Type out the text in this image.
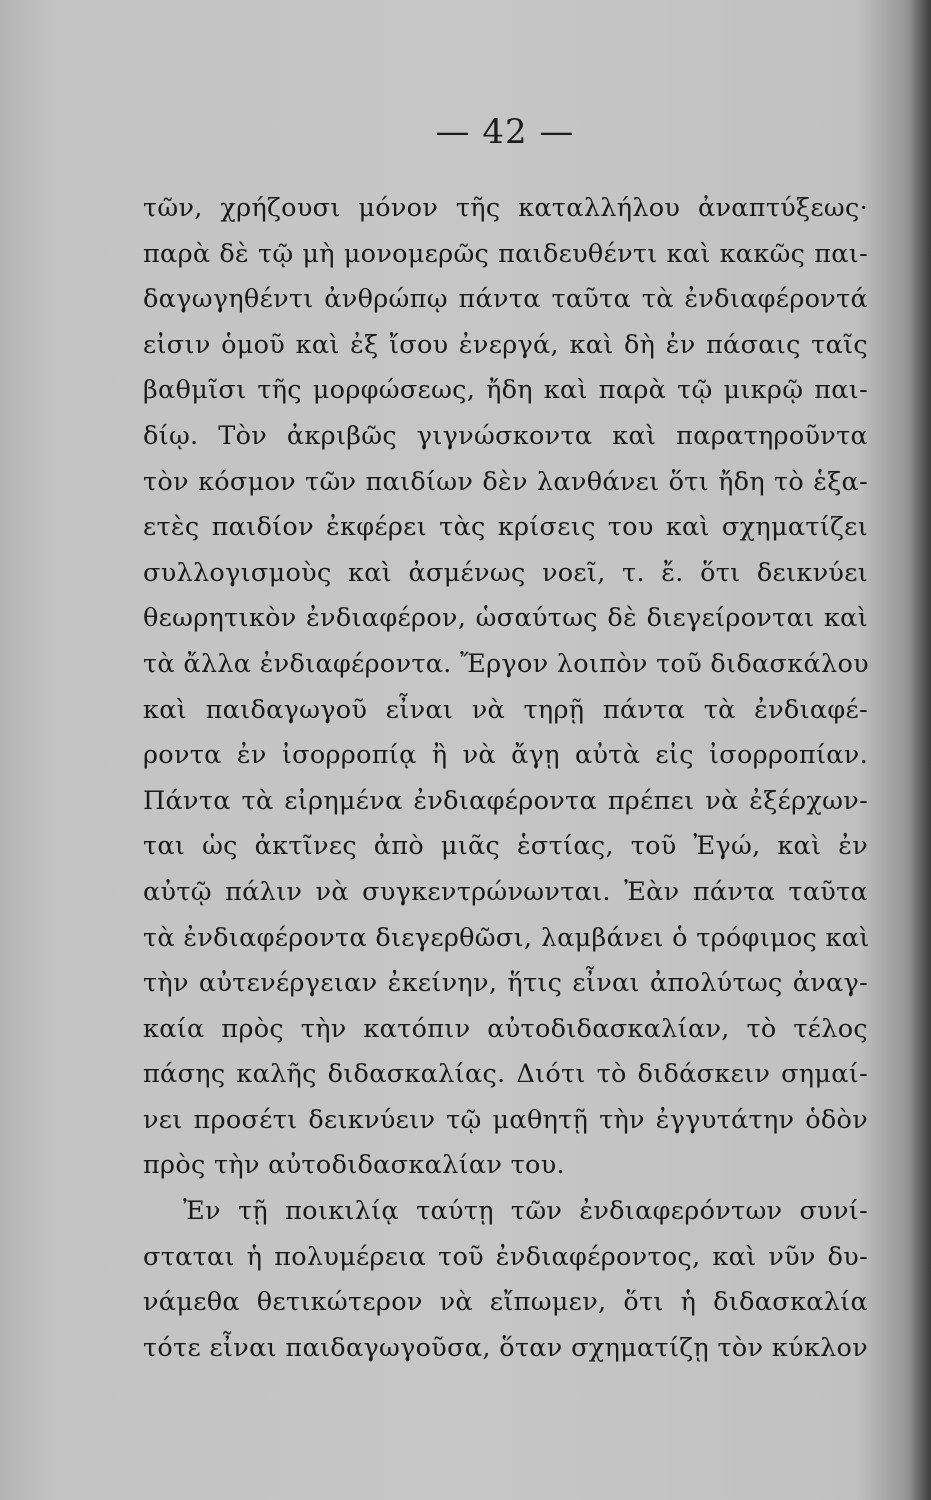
— 42 —
τῶν, χρήζουσι μόνον τῆς καταλλήλου ἀναπτύξεως·
παρὰ δὲ τῷ μὴ μονομερῶς παιδευθέντι καὶ κακῶς παι-
δαγωγηθέντι ἀνθρώπῳ πάντα ταῦτα τὰ ἐνδιαφέροντά
εἰσιν ὁμοῦ καὶ ἐξ ἴσου ἐνεργά, καὶ δὴ ἐν πάσαις ταῖς
βαθμῖσι τῆς μορφώσεως, ἤδη καὶ παρὰ τῷ μικρῷ παι-
δίῳ. Τὸν ἀκριβῶς γιγνώσκοντα καὶ παρατηροῦντα
τὸν κόσμον τῶν παιδίων δὲν λανθάνει ὅτι ἤδη τὸ ἑξα-
ετὲς παιδίον ἐκφέρει τὰς κρίσεις του καὶ σχηματίζει
συλλογισμοὺς καὶ ἀσμένως νοεῖ, τ. ἔ. ὅτι δεικνύει
θεωρητικὸν ἐνδιαφέρον, ὡσαύτως δὲ διεγείρονται καὶ
τὰ ἄλλα ἐνδιαφέροντα. Ἔργον λοιπὸν τοῦ διδασκάλου
καὶ παιδαγωγοῦ εἶναι νὰ τηρῇ πάντα τὰ ἐνδιαφέ-
ροντα ἐν ἰσορροπίᾳ ἢ νὰ ἄγῃ αὐτὰ εἰς ἰσορροπίαν.
Πάντα τὰ εἰρημένα ἐνδιαφέροντα πρέπει νὰ ἐξέρχων-
ται ὡς ἀκτῖνες ἀπὸ μιᾶς ἑστίας, τοῦ Ἐγώ, καὶ ἐν
αὐτῷ πάλιν νὰ συγκεντρώνωνται. Ἐὰν πάντα ταῦτα
τὰ ἐνδιαφέροντα διεγερθῶσι, λαμβάνει ὁ τρόφιμος καὶ
τὴν αὐτενέργειαν ἐκείνην, ἥτις εἶναι ἀπολύτως ἀναγ-
καία πρὸς τὴν κατόπιν αὐτοδιδασκαλίαν, τὸ τέλος
πάσης καλῆς διδασκαλίας. Διότι τὸ διδάσκειν σημαί-
νει προσέτι δεικνύειν τῷ μαθητῇ τὴν ἐγγυτάτην ὁδὸν
πρὸς τὴν αὐτοδιδασκαλίαν του.
Ἐν τῇ ποικιλίᾳ ταύτῃ τῶν ἐνδιαφερόντων συνί-
σταται ἡ πολυμέρεια τοῦ ἐνδιαφέροντος, καὶ νῦν δυ-
νάμεθα θετικώτερον νὰ εἴπωμεν, ὅτι ἡ διδασκαλία
τότε εἶναι παιδαγωγοῦσα, ὅταν σχηματίζῃ τὸν κύκλον
